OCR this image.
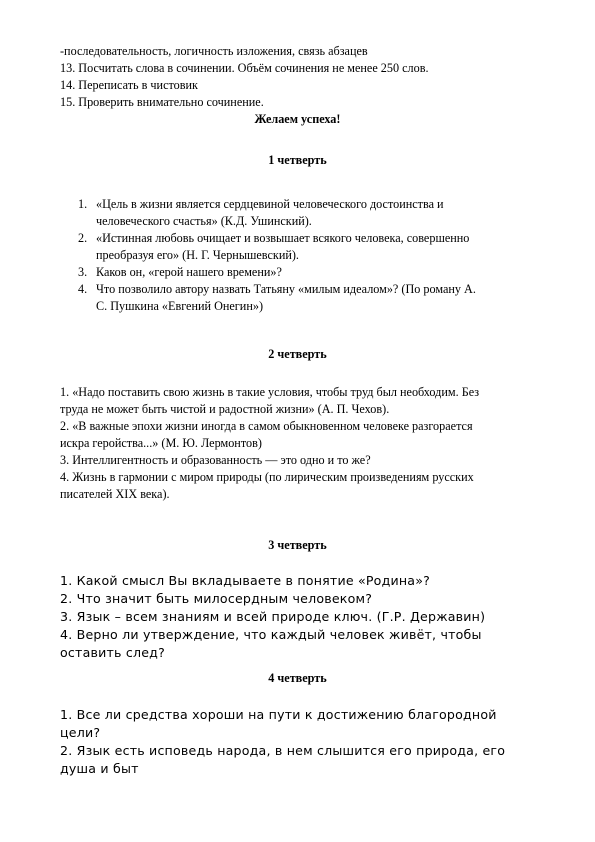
-последовательность, логичность изложения, связь абзацев
13. Посчитать слова в сочинении. Объём сочинения не менее 250 слов.
14. Переписать в чистовик
15. Проверить внимательно сочинение.
Желаем успеха!
1 четверть
1. «Цель в жизни является сердцевиной человеческого достоинства и
человеческого счастья» (К.Д. Ушинский).
2. «Истинная любовь очищает и возвышает всякого человека, совершенно
преобразуя его» (Н. Г. Чернышевский).
3. Каков он, «герой нашего времени»?
4. Что позволило автору назвать Татьяну «милым идеалом»? (По роману А.
С. Пушкина «Евгений Онегин»)
2 четверть
1. «Надо поставить свою жизнь в такие условия, чтобы труд был необходим. Без
труда не может быть чистой и радостной жизни» (А. П. Чехов).
2. «В важные эпохи жизни иногда в самом обыкновенном человеке разгорается
искра геройства...» (М. Ю. Лермонтов)
3. Интеллигентность и образованность — это одно и то же?
4. Жизнь в гармонии с миром природы (по лирическим произведениям русских
писателей XIX века).
3 четверть
1. Какой смысл Вы вкладываете в понятие «Родина»?
2. Что значит быть милосердным человеком?
3. Язык – всем знаниям и всей природе ключ. (Г.Р. Державин)
4. Верно ли утверждение, что каждый человек живёт, чтобы
оставить след?
4 четверть
1. Все ли средства хороши на пути к достижению благородной
цели?
2. Язык есть исповедь народа, в нем слышится его природа, его
душа и быт
